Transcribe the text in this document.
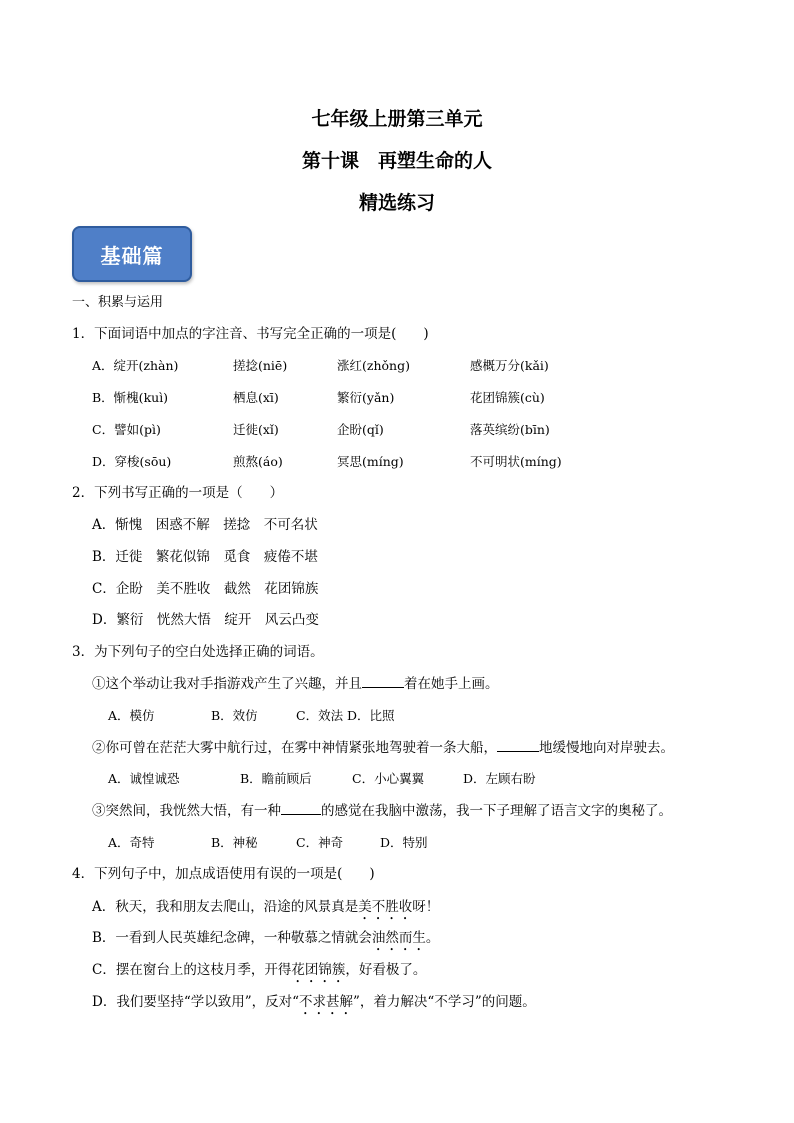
七年级上册第三单元
第十课　再塑生命的人
精选练习
基础篇
一、积累与运用
1．下面词语中加点的字注音、书写完全正确的一项是(　　)
A．绽开(zhàn)	搓捻(niē)	涨红(zhǒng)	感概万分(kǎi)
B．惭槐(kuì)	栖息(xī)	繁衍(yǎn)	花团锦簇(cù)
C．譬如(pì)	迁徙(xǐ)	企盼(qǐ)	落英缤纷(bīn)
D．穿梭(sōu)	煎熬(áo)	冥思(míng)	不可明状(míng)
2．下列书写正确的一项是（　　）
A．惭愧　困惑不解　搓捻　不可名状
B．迁徙　繁花似锦　觅食　疲倦不堪
C．企盼　美不胜收　截然　花团锦族
D．繁衍　恍然大悟　绽开　风云凸变
3．为下列句子的空白处选择正确的词语。
①这个举动让我对手指游戏产生了兴趣，并且	着在她手上画。
A．模仿	B．效仿	C．效法 D．比照
②你可曾在茫茫大雾中航行过，在雾中神情紧张地驾驶着一条大船，	地缓慢地向对岸驶去。
A．诚惶诚恐	B．瞻前顾后	C．小心翼翼	D．左顾右盼
③突然间，我恍然大悟，有一种	的感觉在我脑中激荡，我一下子理解了语言文字的奥秘了。
A．奇特	B．神秘	C．神奇	D．特别
4．下列句子中，加点成语使用有误的一项是(　　)
A．秋天，我和朋友去爬山，沿途的风景真是美不胜收呀！
B．一看到人民英雄纪念碑，一种敬慕之情就会油然而生。
C．摆在窗台上的这枝月季，开得花团锦簇，好看极了。
D．我们要坚持“学以致用”，反对“不求甚解”，着力解决“不学习”的问题。
